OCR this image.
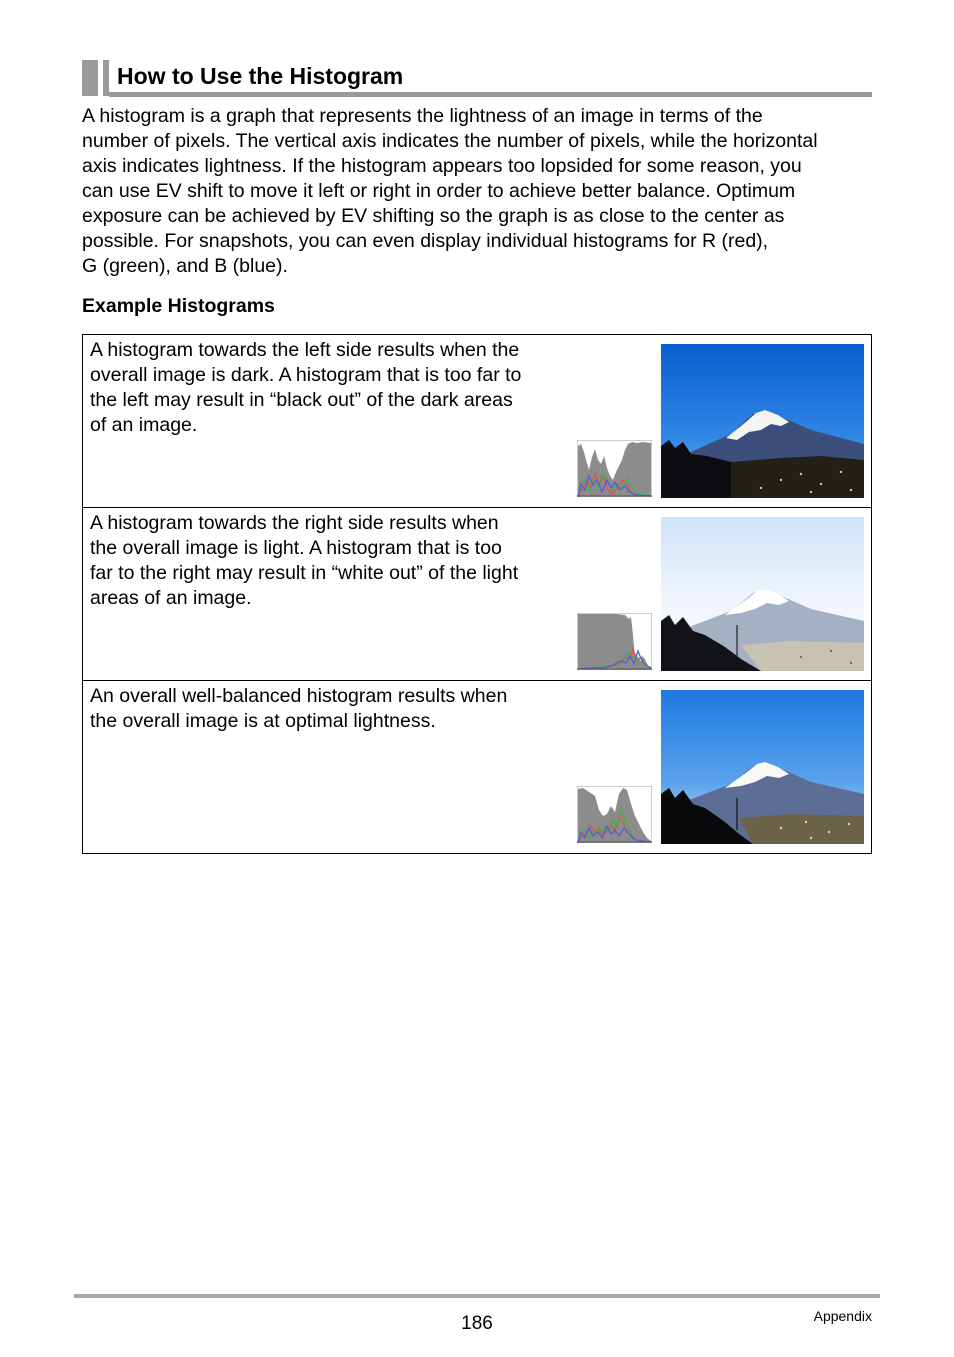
How to Use the Histogram

A histogram is a graph that represents the lightness of an image in terms of the

number of pixels. The vertical axis indicates the number of pixels, while the horizontal

axis indicates lightness. If the histogram appears too lopsided for some reason, you

can use EV shift to move it left or right in order to achieve better balance. Optimum

exposure can be achieved by EV shifting so the graph is as close to the center as

possible. For snapshots, you can even display individual histograms for R (red),

G (green), and B (blue).

Example Histograms

A histogram towards the left side results when the

overall image is dark. A histogram that is too far to

the left may result in “black out” of the dark areas

of an image.

A histogram towards the right side results when

the overall image is light. A histogram that is too

far to the right may result in “white out” of the light

areas of an image.

An overall well-balanced histogram results when

the overall image is at optimal lightness.

186	Appendix
